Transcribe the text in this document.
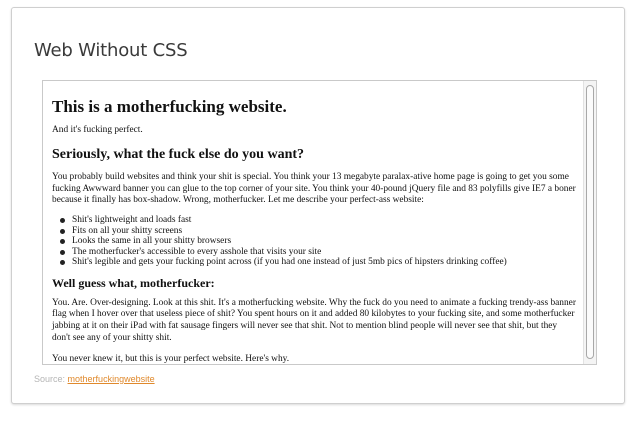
Web Without CSS
This is a motherfucking website.

And it's fucking perfect.

Seriously, what the fuck else do you want?

You probably build websites and think your shit is special. You think your 13 megabyte paralax-ative home page is going to get you some fucking Awwward banner you can glue to the top corner of your site. You think your 40-pound jQuery file and 83 polyfills give IE7 a boner because it finally has box-shadow. Wrong, motherfucker. Let me describe your perfect-ass website:

Shit's lightweight and loads fast
Fits on all your shitty screens
Looks the same in all your shitty browsers
The motherfucker's accessible to every asshole that visits your site
Shit's legible and gets your fucking point across (if you had one instead of just 5mb pics of hipsters drinking coffee)
Well guess what, motherfucker:

You. Are. Over-designing. Look at this shit. It's a motherfucking website. Why the fuck do you need to animate a fucking trendy-ass banner flag when I hover over that useless piece of shit? You spent hours on it and added 80 kilobytes to your fucking site, and some motherfucker jabbing at it on their iPad with fat sausage fingers will never see that shit. Not to mention blind people will never see that shit, but they don't see any of your shitty shit.

You never knew it, but this is your perfect website. Here's why.

Source: motherfuckingwebsite
